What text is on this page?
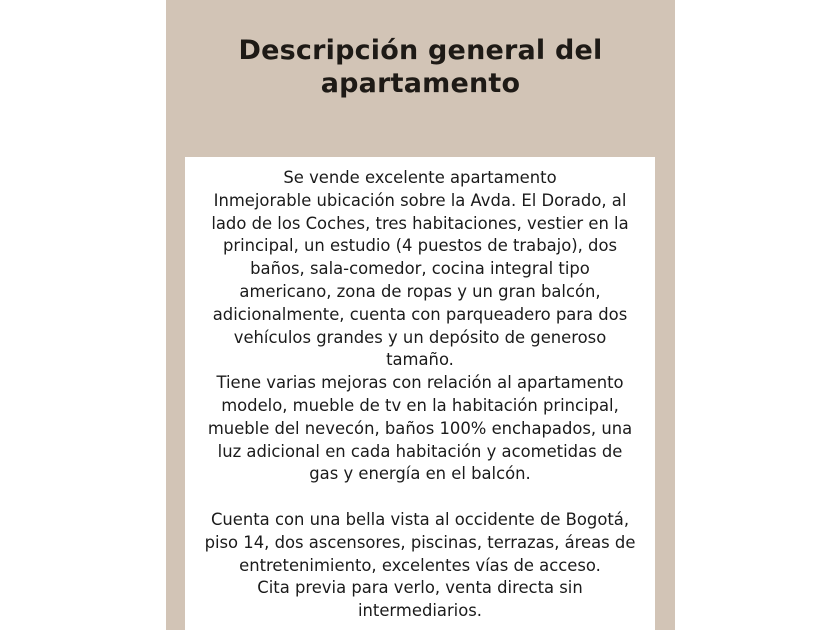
Descripción general del
apartamento
Se vende excelente apartamento
Inmejorable ubicación sobre la Avda. El Dorado, al
lado de los Coches, tres habitaciones, vestier en la
principal, un estudio (4 puestos de trabajo), dos
baños, sala-comedor, cocina integral tipo
americano, zona de ropas y un gran balcón,
adicionalmente, cuenta con parqueadero para dos
vehículos grandes y un depósito de generoso
tamaño.
Tiene varias mejoras con relación al apartamento
modelo, mueble de tv en la habitación principal,
mueble del nevecón, baños 100% enchapados, una
luz adicional en cada habitación y acometidas de
gas y energía en el balcón.
Cuenta con una bella vista al occidente de Bogotá,
piso 14, dos ascensores, piscinas, terrazas, áreas de
entretenimiento, excelentes vías de acceso.
Cita previa para verlo, venta directa sin
intermediarios.
